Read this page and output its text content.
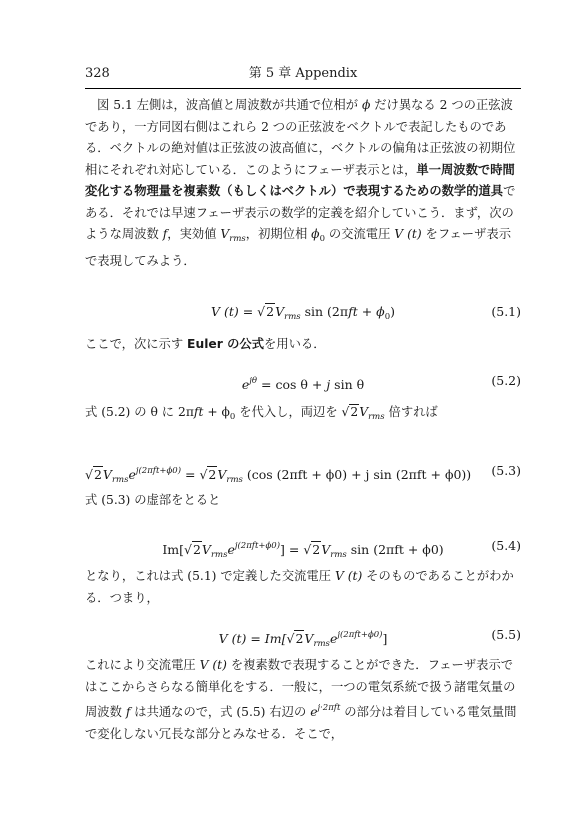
328	第 5 章 Appendix

図 5.1 左側は，波高値と周波数が共通で位相が ϕ だけ異なる 2 つの正弦波であり，一方同図右側はこれら 2 つの正弦波をベクトルで表記したものである．ベクトルの絶対値は正弦波の波高値に，ベクトルの偏角は正弦波の初期位相にそれぞれ対応している．このようにフェーザ表示とは，単一周波数で時間変化する物理量を複素数（もしくはベクトル）で表現するための数学的道具である．それでは早速フェーザ表示の数学的定義を紹介していこう．まず，次のような周波数 f，実効値 $V_{rms}$，初期位相 $\phi_0$ の交流電圧 V (t) をフェーザ表示で表現してみよう．

V $(t) = √2V_{rms}$ $\sin (2\pi ft + \phi_0)$	(5.1)

ここで，次に示す Euler の公式を用いる．

$e^{j\theta} = \cos \theta + j$ sin θ	(5.2)

式 (5.2) の θ に $2\pi ft + \phi_0$ を代入し，両辺を $√2V_{rms}$ 倍すれば

$√2V_{rms}e^{j(2\pi ft+\phi 0)} = √2V_{rms}$ (cos (2πft + ϕ0) + j sin (2πft + ϕ0))	(5.3)

式 (5.3) の虚部をとると

$Im[√2V_{rms}e^{j(2\pi ft+\phi 0)}] = √2V_{rms}$ sin (2πft + ϕ0)	(5.4)

となり，これは式 (5.1) で定義した交流電圧 V (t) そのものであることがわかる．つまり，

V $(t) = Im[√2V_{rms}e^{j(2\pi ft+\phi 0)}]$	(5.5)

これにより交流電圧 V (t) を複素数で表現することができた．フェーザ表示ではここからさらなる簡単化をする．一般に，一つの電気系統で扱う諸電気量の周波数 f は共通なので，式 (5.5) 右辺の $e^{j\cdot 2\pi ft}$ の部分は着目している電気量間で変化しない冗長な部分とみなせる．そこで，
